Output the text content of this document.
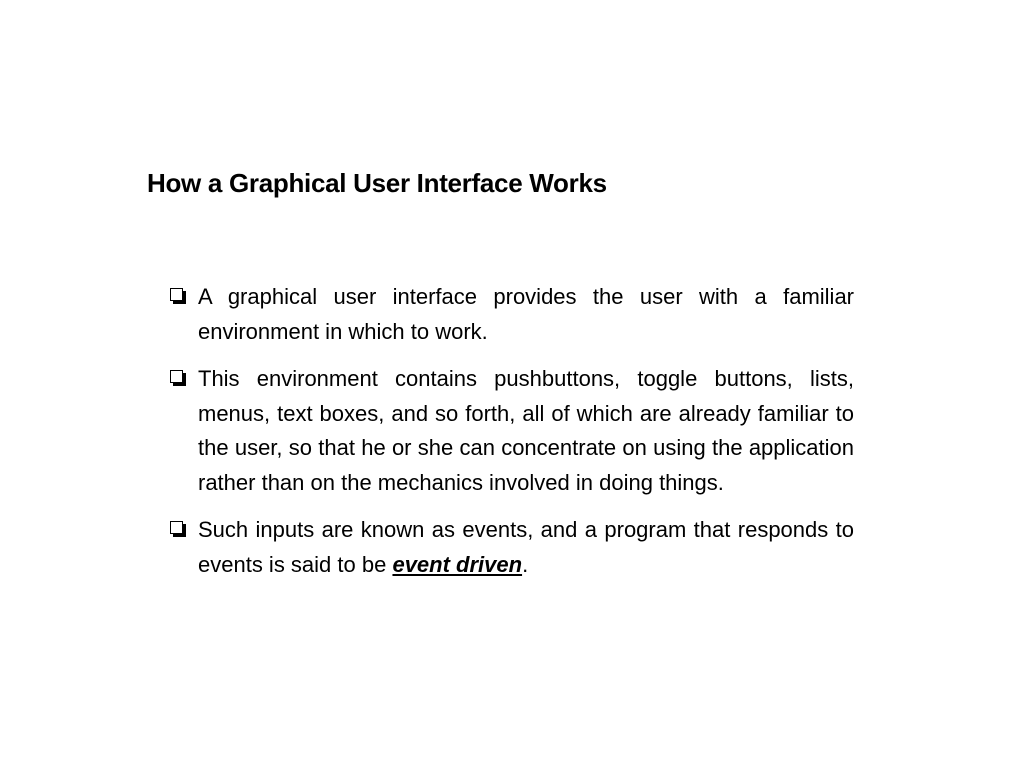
How a Graphical User Interface Works

A graphical user interface provides the user with a familiar environment in which to work.

This environment contains pushbuttons, toggle buttons, lists, menus, text boxes, and so forth, all of which are already familiar to the user, so that he or she can concentrate on using the application rather than on the mechanics involved in doing things.

Such inputs are known as events, and a program that responds to events is said to be event driven.
